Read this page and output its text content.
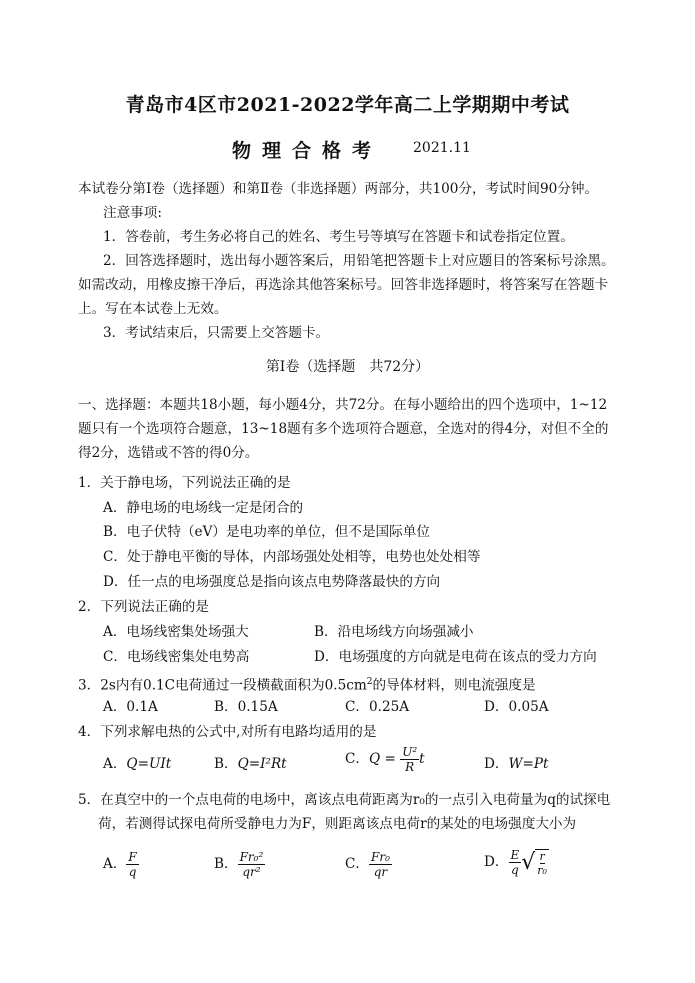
青岛市4区市2021-2022学年高二上学期期中考试
物理合格考 2021.11
本试卷分第Ⅰ卷（选择题）和第Ⅱ卷（非选择题）两部分，共100分，考试时间90分钟。
注意事项:
1．答卷前，考生务必将自己的姓名、考生号等填写在答题卡和试卷指定位置。
2．回答选择题时，选出每小题答案后，用铅笔把答题卡上对应题目的答案标号涂黑。
如需改动，用橡皮擦干净后，再选涂其他答案标号。回答非选择题时，将答案写在答题卡
上。写在本试卷上无效。
3．考试结束后，只需要上交答题卡。
第Ⅰ卷（选择题　共72分）
一、选择题：本题共18小题，每小题4分，共72分。在每小题给出的四个选项中，1~12
题只有一个选项符合题意，13~18题有多个选项符合题意，全选对的得4分，对但不全的
得2分，选错或不答的得0分。
1．关于静电场，下列说法正确的是
A．静电场的电场线一定是闭合的
B．电子伏特（eV）是电功率的单位，但不是国际单位
C．处于静电平衡的导体，内部场强处处相等，电势也处处相等
D．任一点的电场强度总是指向该点电势降落最快的方向
2．下列说法正确的是
A．电场线密集处场强大	B．沿电场线方向场强减小
C．电场线密集处电势高	D．电场强度的方向就是电荷在该点的受力方向
3．2s内有0.1C电荷通过一段横截面积为$0.5cm^2$的导体材料，则电流强度是
A．0.1A	B．0.15A	C．0.25A	D．0.05A
4．下列求解电热的公式中,对所有电路均适用的是
A．Q=UIt	B．Q=I²Rt	C．$Q = \frac{\text{U²}}{R}$ t	D．W=Pt
5．在真空中的一个点电荷的电场中，离该点电荷距离为r₀的一点引入电荷量为q的试探电
荷，若测得试探电荷所受静电力为F，则距离该点电荷r的某处的电场强度大小为
A． $\frac{F}{q}$	B． $\frac{\text{Fr₀²}}{\text{qr²}}$	C． $\frac{\text{Fr₀}}{qr}$	D． $\frac{E}{q}$ √ r
r₀
